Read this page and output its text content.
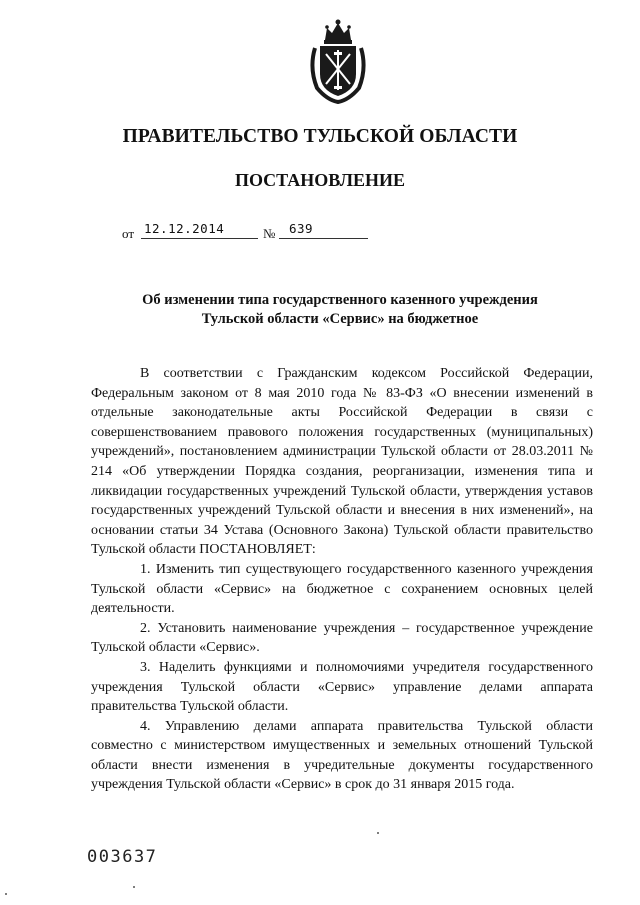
ПРАВИТЕЛЬСТВО ТУЛЬСКОЙ ОБЛАСТИ
ПОСТАНОВЛЕНИЕ
от 12.12.2014	№ 639
Об изменении типа государственного казенного учреждения
Тульской области «Сервис» на бюджетное

В соответствии с Гражданским кодексом Российской Федерации, Федеральным законом от 8 мая 2010 года № 83-ФЗ «О внесении изменений в отдельные законодательные акты Российской Федерации в связи с совершенствованием правового положения государственных (муниципальных) учреждений», постановлением администрации Тульской области от 28.03.2011 № 214 «Об утверждении Порядка создания, реорганизации, изменения типа и ликвидации государственных учреждений Тульской области, утверждения уставов государственных учреждений Тульской области и внесения в них изменений», на основании статьи 34 Устава (Основного Закона) Тульской области правительство Тульской области ПОСТАНОВЛЯЕТ:

1. Изменить тип существующего государственного казенного учреждения Тульской области «Сервис» на бюджетное с сохранением основных целей деятельности.

2. Установить наименование учреждения – государственное учреждение Тульской области «Сервис».

3. Наделить функциями и полномочиями учредителя государственного учреждения Тульской области «Сервис» управление делами аппарата правительства Тульской области.

4. Управлению делами аппарата правительства Тульской области совместно с министерством имущественных и земельных отношений Тульской области внести изменения в учредительные документы государственного учреждения Тульской области «Сервис» в срок до 31 января 2015 года.

003637
